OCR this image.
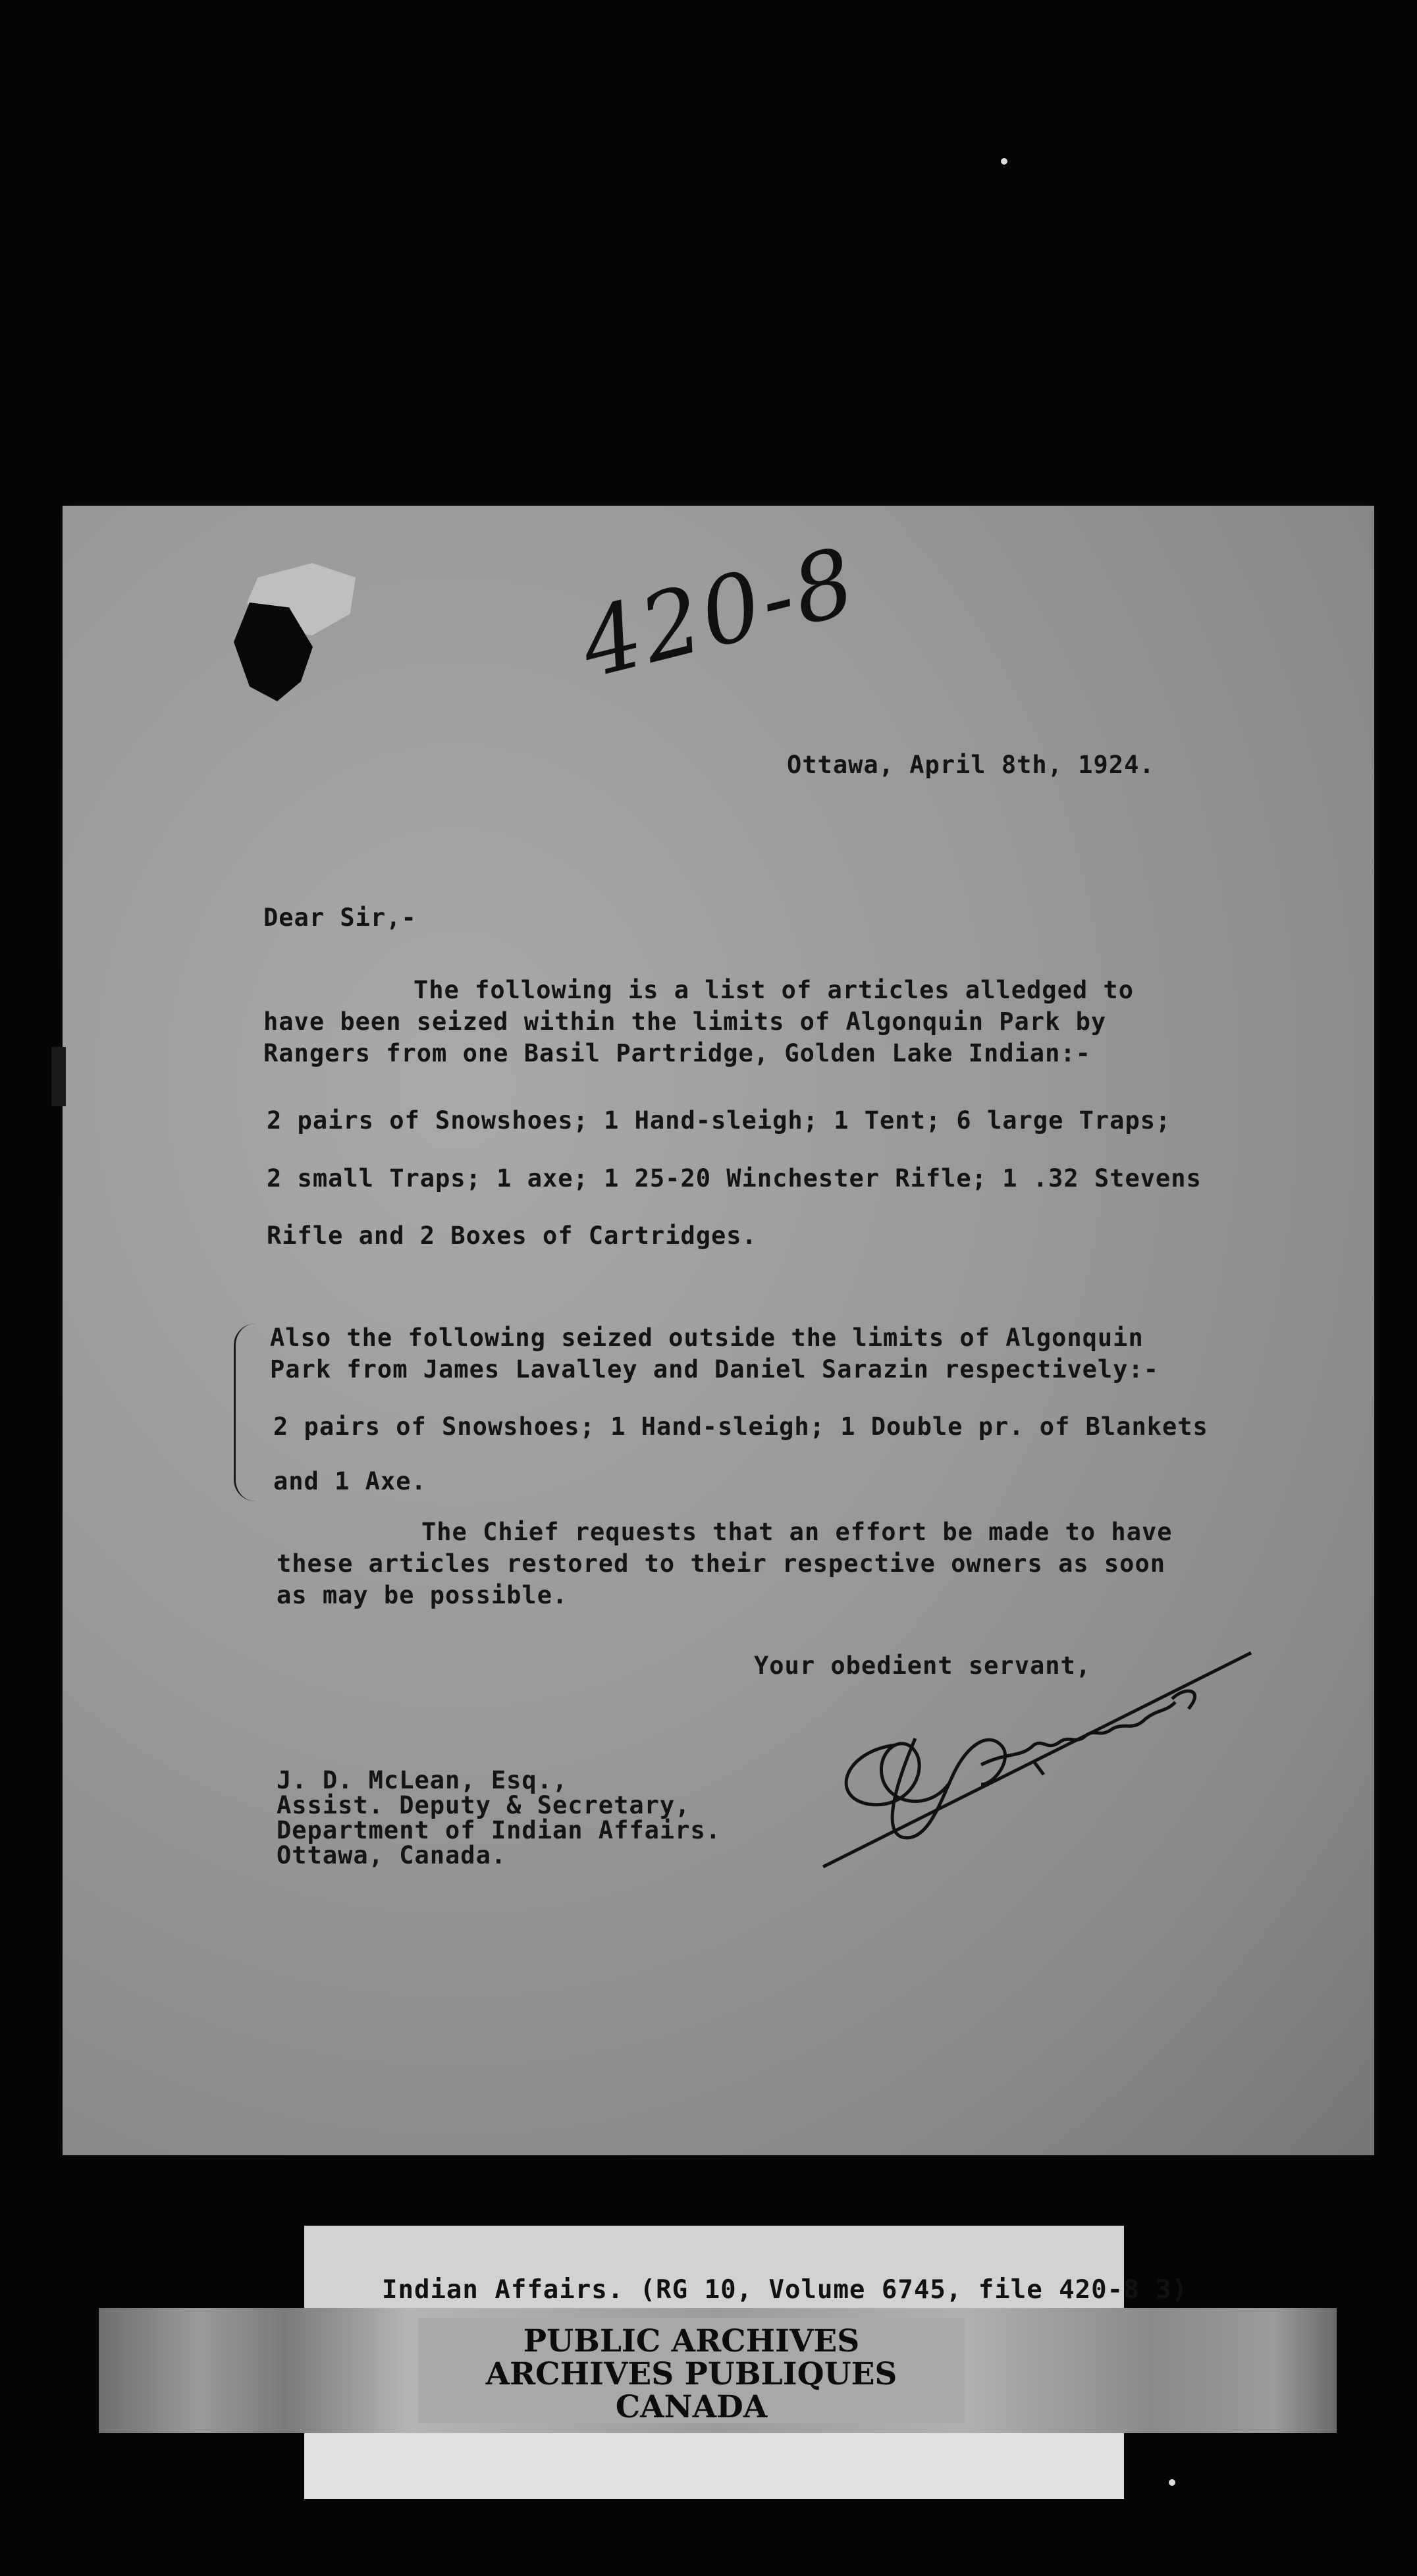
420-8
Ottawa, April 8th, 1924.
Dear Sir,-
The following is a list of articles alledged to
have been seized within the limits of Algonquin Park by
Rangers from one Basil Partridge, Golden Lake Indian:-
2 pairs of Snowshoes; 1 Hand-sleigh; 1 Tent; 6 large Traps;
2 small Traps; 1 axe; 1 25-20 Winchester Rifle; 1 .32 Stevens
Rifle and 2 Boxes of Cartridges.
Also the following seized outside the limits of Algonquin
Park from James Lavalley and Daniel Sarazin respectively:-
2 pairs of Snowshoes; 1 Hand-sleigh; 1 Double pr. of Blankets
and 1 Axe.
The Chief requests that an effort be made to have
these articles restored to their respective owners as soon
as may be possible.
Your obedient servant,
J. D. McLean, Esq.,
Assist. Deputy & Secretary,
Department of Indian Affairs.
Ottawa, Canada.
Indian Affairs. (RG 10, Volume 6745, file 420-8 3)
PUBLIC ARCHIVES
ARCHIVES PUBLIQUES
CANADA
